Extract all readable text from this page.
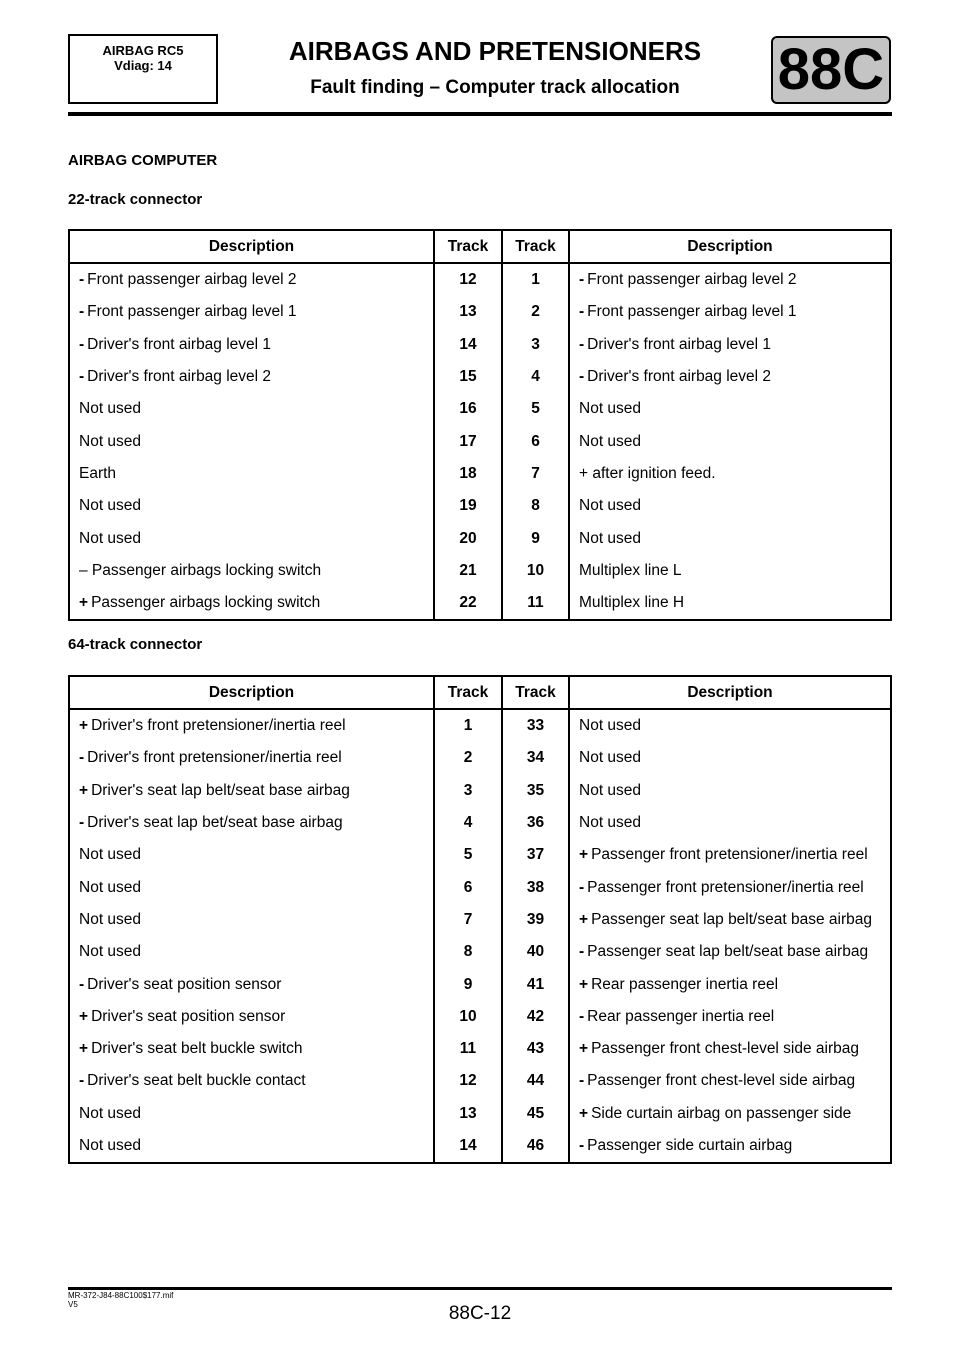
AIRBAG RC5
Vdiag: 14	AIRBAGS AND PRETENSIONERS
Fault finding – Computer track allocation	88C
AIRBAG COMPUTER
22-track connector
Description	Track	Track	Description
- Front passenger airbag level 2	12	1	- Front passenger airbag level 2
- Front passenger airbag level 1	13	2	- Front passenger airbag level 1
- Driver's front airbag level 1	14	3	- Driver's front airbag level 1
- Driver's front airbag level 2	15	4	- Driver's front airbag level 2
Not used	16	5	Not used
Not used	17	6	Not used
Earth	18	7	+ after ignition feed.
Not used	19	8	Not used
Not used	20	9	Not used
– Passenger airbags locking switch	21	10	Multiplex line L
+ Passenger airbags locking switch	22	11	Multiplex line H
64-track connector
Description	Track	Track	Description
+ Driver's front pretensioner/inertia reel	1	33	Not used
- Driver's front pretensioner/inertia reel	2	34	Not used
+ Driver's seat lap belt/seat base airbag	3	35	Not used
- Driver's seat lap bet/seat base airbag	4	36	Not used
Not used	5	37	+ Passenger front pretensioner/inertia reel
Not used	6	38	- Passenger front pretensioner/inertia reel
Not used	7	39	+ Passenger seat lap belt/seat base airbag
Not used	8	40	- Passenger seat lap belt/seat base airbag
- Driver's seat position sensor	9	41	+ Rear passenger inertia reel
+ Driver's seat position sensor	10	42	- Rear passenger inertia reel
+ Driver's seat belt buckle switch	11	43	+ Passenger front chest-level side airbag
- Driver's seat belt buckle contact	12	44	- Passenger front chest-level side airbag
Not used	13	45	+ Side curtain airbag on passenger side
Not used	14	46	- Passenger side curtain airbag
MR-372-J84-88C100$177.mif
V5	88C-12
